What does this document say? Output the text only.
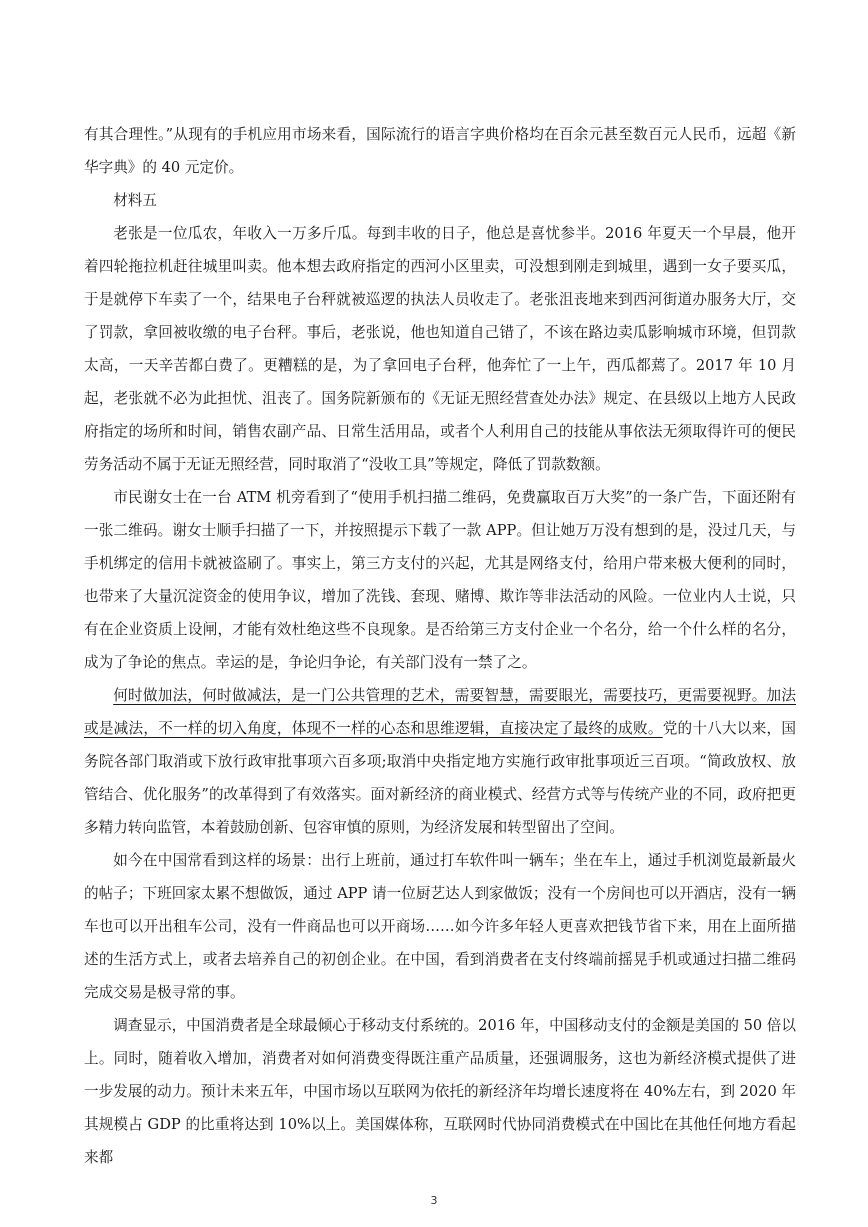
有其合理性。”从现有的手机应用市场来看，国际流行的语言字典价格均在百余元甚至数百元人民币，远超《新华字典》的 40 元定价。

材料五

老张是一位瓜农，年收入一万多斤瓜。每到丰收的日子，他总是喜忧参半。2016 年夏天一个早晨，他开着四轮拖拉机赶往城里叫卖。他本想去政府指定的西河小区里卖，可没想到刚走到城里，遇到一女子要买瓜，于是就停下车卖了一个，结果电子台秤就被巡逻的执法人员收走了。老张沮丧地来到西河街道办服务大厅，交了罚款，拿回被收缴的电子台秤。事后，老张说，他也知道自己错了，不该在路边卖瓜影响城市环境，但罚款太高，一天辛苦都白费了。更糟糕的是，为了拿回电子台秤，他奔忙了一上午，西瓜都蔫了。2017 年 10 月起，老张就不必为此担忧、沮丧了。国务院新颁布的《无证无照经营查处办法》规定、在县级以上地方人民政府指定的场所和时间，销售农副产品、日常生活用品，或者个人利用自己的技能从事依法无须取得许可的便民劳务活动不属于无证无照经营，同时取消了“没收工具”等规定，降低了罚款数额。

市民谢女士在一台 ATM 机旁看到了“使用手机扫描二维码，免费赢取百万大奖”的一条广告，下面还附有一张二维码。谢女士顺手扫描了一下，并按照提示下载了一款 APP。但让她万万没有想到的是，没过几天，与手机绑定的信用卡就被盗刷了。事实上，第三方支付的兴起，尤其是网络支付，给用户带来极大便利的同时，也带来了大量沉淀资金的使用争议，增加了洗钱、套现、赌博、欺诈等非法活动的风险。一位业内人士说，只有在企业资质上设闸，才能有效杜绝这些不良现象。是否给第三方支付企业一个名分，给一个什么样的名分，成为了争论的焦点。幸运的是，争论归争论，有关部门没有一禁了之。

何时做加法，何时做减法，是一门公共管理的艺术，需要智慧，需要眼光，需要技巧，更需要视野。加法或是减法，不一样的切入角度，体现不一样的心态和思维逻辑，直接决定了最终的成败。党的十八大以来，国务院各部门取消或下放行政审批事项六百多项;取消中央指定地方实施行政审批事项近三百项。“简政放权、放管结合、优化服务”的改革得到了有效落实。面对新经济的商业模式、经营方式等与传统产业的不同，政府把更多精力转向监管，本着鼓励创新、包容审慎的原则，为经济发展和转型留出了空间。

如今在中国常看到这样的场景：出行上班前，通过打车软件叫一辆车；坐在车上，通过手机浏览最新最火的帖子；下班回家太累不想做饭，通过 APP 请一位厨艺达人到家做饭；没有一个房间也可以开酒店，没有一辆车也可以开出租车公司，没有一件商品也可以开商场……如今许多年轻人更喜欢把钱节省下来，用在上面所描述的生活方式上，或者去培养自己的初创企业。在中国，看到消费者在支付终端前摇晃手机或通过扫描二维码完成交易是极寻常的事。

调查显示，中国消费者是全球最倾心于移动支付系统的。2016 年，中国移动支付的金额是美国的 50 倍以上。同时，随着收入增加，消费者对如何消费变得既注重产品质量，还强调服务，这也为新经济模式提供了进一步发展的动力。预计未来五年，中国市场以互联网为依托的新经济年均增长速度将在 40%左右，到 2020 年其规模占 GDP 的比重将达到 10%以上。美国媒体称，互联网时代协同消费模式在中国比在其他任何地方看起来都

3
